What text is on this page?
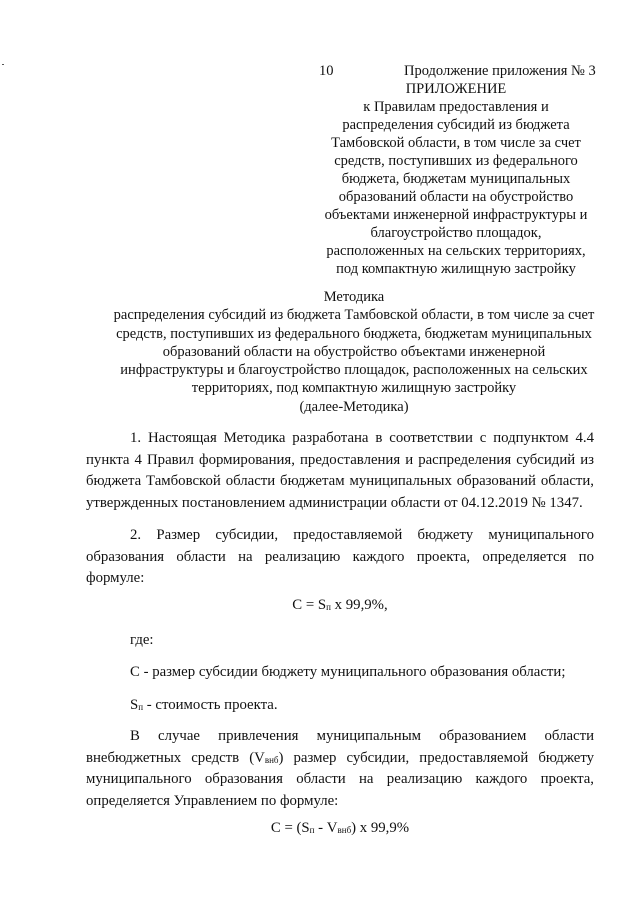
10	Продолжение приложения № 3
ПРИЛОЖЕНИЕ
к Правилам предоставления и
распределения субсидий из бюджета
Тамбовской области, в том числе за счет
средств, поступивших из федерального
бюджета, бюджетам муниципальных
образований области на обустройство
объектами инженерной инфраструктуры и
благоустройство площадок,
расположенных на сельских территориях,
под компактную жилищную застройку
Методика
распределения субсидий из бюджета Тамбовской области, в том числе за счет
средств, поступивших из федерального бюджета, бюджетам муниципальных
образований области на обустройство объектами инженерной
инфраструктуры и благоустройство площадок, расположенных на сельских
территориях, под компактную жилищную застройку
(далее-Методика)

1. Настоящая Методика разработана в соответствии с подпунктом 4.4 пункта 4 Правил формирования, предоставления и распределения субсидий из бюджета Тамбовской области бюджетам муниципальных образований области, утвержденных постановлением администрации области от 04.12.2019 № 1347.

2. Размер субсидии, предоставляемой бюджету муниципального образования области на реализацию каждого проекта, определяется по формуле:

$С = S_п$ x 99,9%,

где:

С - размер субсидии бюджету муниципального образования области;

$S_п$ - стоимость проекта.

В случае привлечения муниципальным образованием области внебюджетных средств $(V_{внб})$ размер субсидии, предоставляемой бюджету муниципального образования области на реализацию каждого проекта, определяется Управлением по формуле:

$С = (S_п - V_{внб})$ x 99,9%
